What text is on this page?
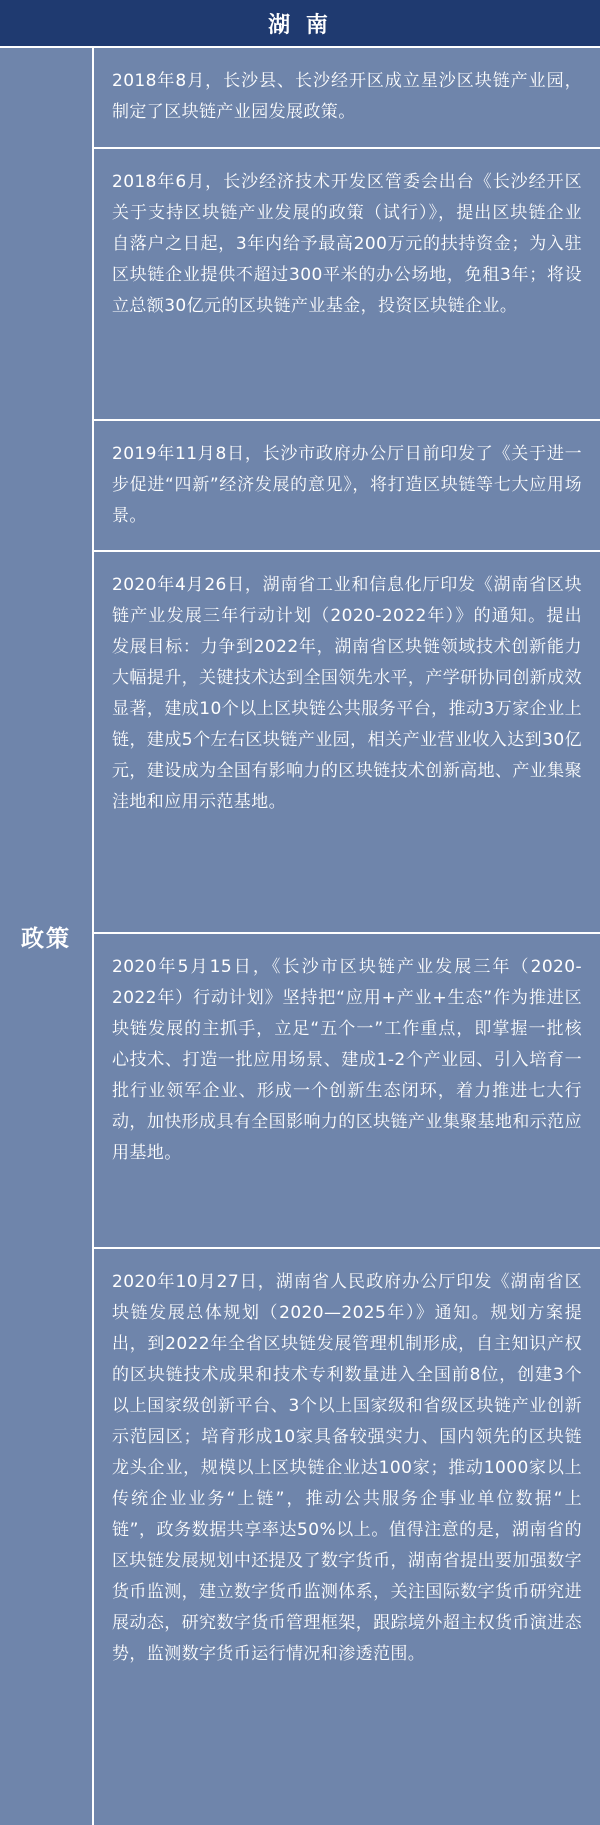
湖 南
政策
2018年8月，长沙县、长沙经开区成立星沙区块链产业园，制定了区块链产业园发展政策。
2018年6月，长沙经济技术开发区管委会出台《长沙经开区关于支持区块链产业发展的政策（试行）》，提出区块链企业自落户之日起，3年内给予最高200万元的扶持资金；为入驻区块链企业提供不超过300平米的办公场地，免租3年；将设立总额30亿元的区块链产业基金，投资区块链企业。
2019年11月8日，长沙市政府办公厅日前印发了《关于进一步促进“四新”经济发展的意见》，将打造区块链等七大应用场景。
2020年4月26日，湖南省工业和信息化厅印发《湖南省区块链产业发展三年行动计划（2020-2022年）》的通知。提出发展目标：力争到2022年，湖南省区块链领域技术创新能力大幅提升，关键技术达到全国领先水平，产学研协同创新成效显著，建成10个以上区块链公共服务平台，推动3万家企业上链，建成5个左右区块链产业园，相关产业营业收入达到30亿元，建设成为全国有影响力的区块链技术创新高地、产业集聚洼地和应用示范基地。
2020年5月15日，《长沙市区块链产业发展三年（2020-2022年）行动计划》坚持把“应用+产业+生态”作为推进区块链发展的主抓手，立足“五个一”工作重点，即掌握一批核心技术、打造一批应用场景、建成1-2个产业园、引入培育一批行业领军企业、形成一个创新生态闭环，着力推进七大行动，加快形成具有全国影响力的区块链产业集聚基地和示范应用基地。
2020年10月27日，湖南省人民政府办公厅印发《湖南省区块链发展总体规划（2020—2025年）》通知。规划方案提出，到2022年全省区块链发展管理机制形成，自主知识产权的区块链技术成果和技术专利数量进入全国前8位，创建3个以上国家级创新平台、3个以上国家级和省级区块链产业创新示范园区；培育形成10家具备较强实力、国内领先的区块链龙头企业，规模以上区块链企业达100家；推动1000家以上传统企业业务“上链”，推动公共服务企事业单位数据“上链”，政务数据共享率达50%以上。值得注意的是，湖南省的区块链发展规划中还提及了数字货币，湖南省提出要加强数字货币监测，建立数字货币监测体系，关注国际数字货币研究进展动态，研究数字货币管理框架，跟踪境外超主权货币演进态势，监测数字货币运行情况和渗透范围。
